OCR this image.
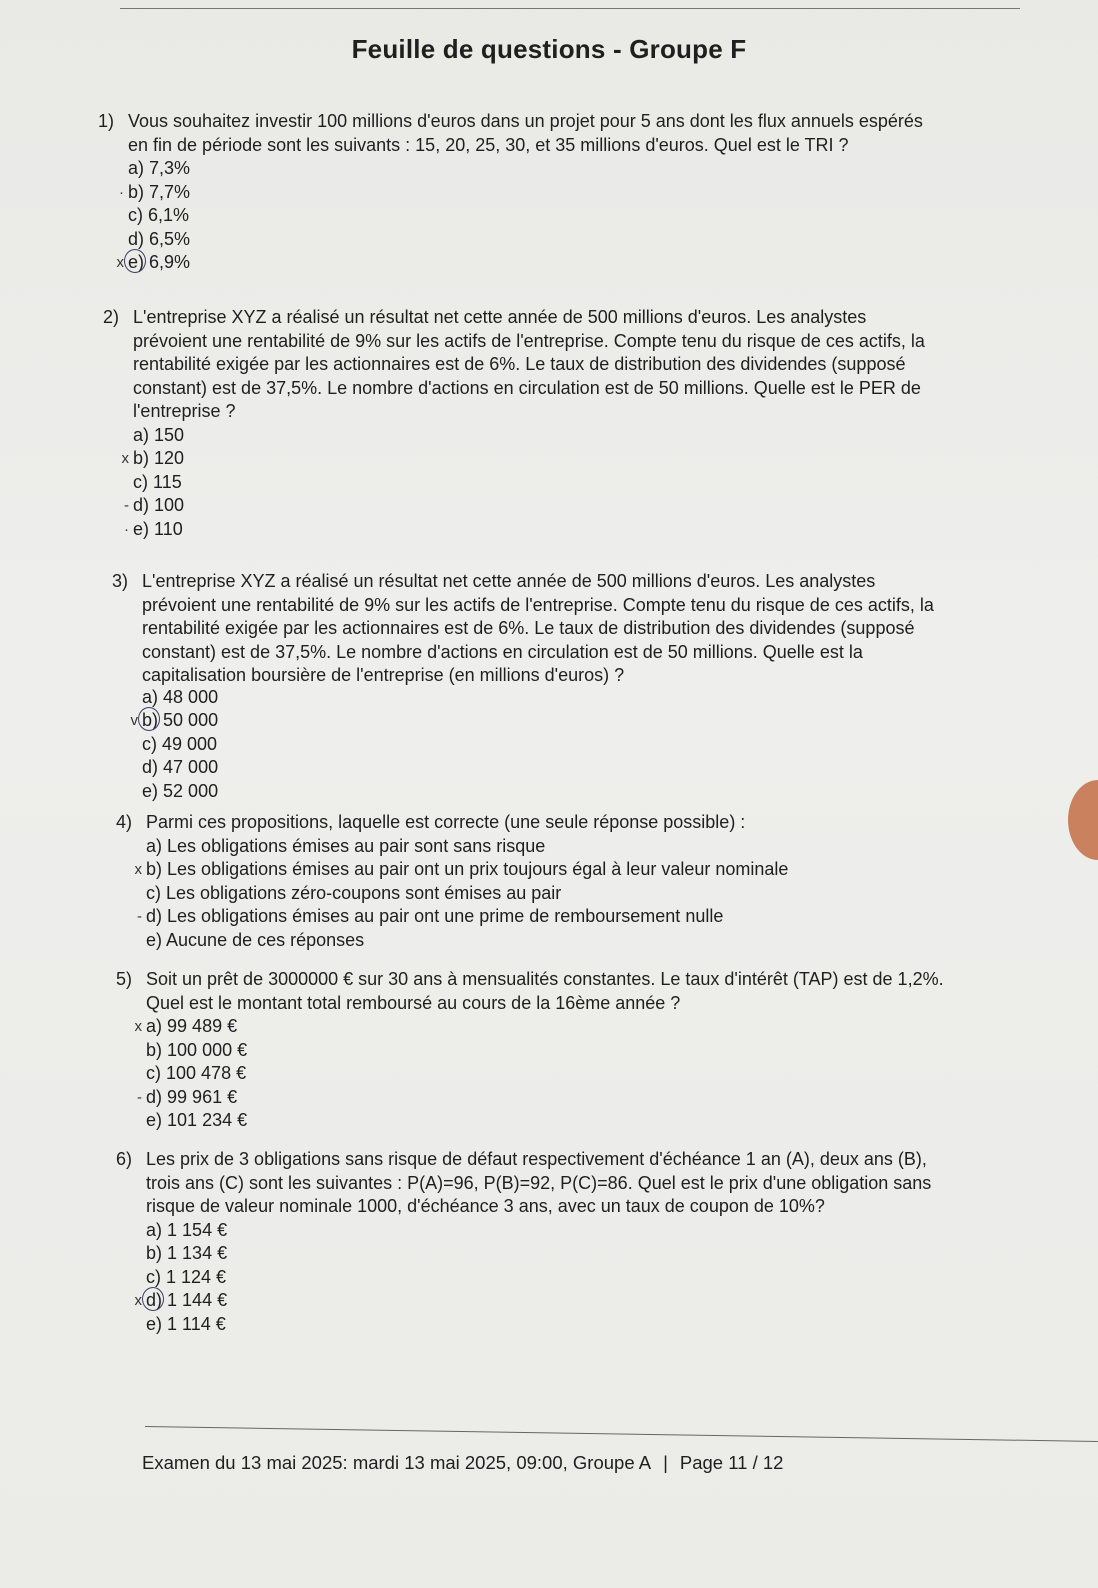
Feuille de questions - Groupe F
1) Vous souhaitez investir 100 millions d'euros dans un projet pour 5 ans dont les flux annuels espérés
en fin de période sont les suivants : 15, 20, 25, 30, et 35 millions d'euros. Quel est le TRI ?
a) 7,3%
· b) 7,7%
c) 6,1%
d) 6,5%
x e) 6,9%
2) L'entreprise XYZ a réalisé un résultat net cette année de 500 millions d'euros. Les analystes
prévoient une rentabilité de 9% sur les actifs de l'entreprise. Compte tenu du risque de ces actifs, la
rentabilité exigée par les actionnaires est de 6%. Le taux de distribution des dividendes (supposé
constant) est de 37,5%. Le nombre d'actions en circulation est de 50 millions. Quelle est le PER de
l'entreprise ?
a) 150
x b) 120
c) 115
- d) 100
· e) 110
3) L'entreprise XYZ a réalisé un résultat net cette année de 500 millions d'euros. Les analystes
prévoient une rentabilité de 9% sur les actifs de l'entreprise. Compte tenu du risque de ces actifs, la
rentabilité exigée par les actionnaires est de 6%. Le taux de distribution des dividendes (supposé
constant) est de 37,5%. Le nombre d'actions en circulation est de 50 millions. Quelle est la
capitalisation boursière de l'entreprise (en millions d'euros) ?
a) 48 000
v b) 50 000
c) 49 000
d) 47 000
e) 52 000
4) Parmi ces propositions, laquelle est correcte (une seule réponse possible) :
a) Les obligations émises au pair sont sans risque
x b) Les obligations émises au pair ont un prix toujours égal à leur valeur nominale
c) Les obligations zéro-coupons sont émises au pair
- d) Les obligations émises au pair ont une prime de remboursement nulle
e) Aucune de ces réponses
5) Soit un prêt de 3000000 € sur 30 ans à mensualités constantes. Le taux d'intérêt (TAP) est de 1,2%.
Quel est le montant total remboursé au cours de la 16ème année ?
x a) 99 489 €
b) 100 000 €
c) 100 478 €
- d) 99 961 €
e) 101 234 €
6) Les prix de 3 obligations sans risque de défaut respectivement d'échéance 1 an (A), deux ans (B),
trois ans (C) sont les suivantes : P(A)=96, P(B)=92, P(C)=86. Quel est le prix d'une obligation sans
risque de valeur nominale 1000, d'échéance 3 ans, avec un taux de coupon de 10%?
a) 1 154 €
b) 1 134 €
c) 1 124 €
x d) 1 144 €
e) 1 114 €
Examen du 13 mai 2025: mardi 13 mai 2025, 09:00, Groupe A | Page 11 / 12
